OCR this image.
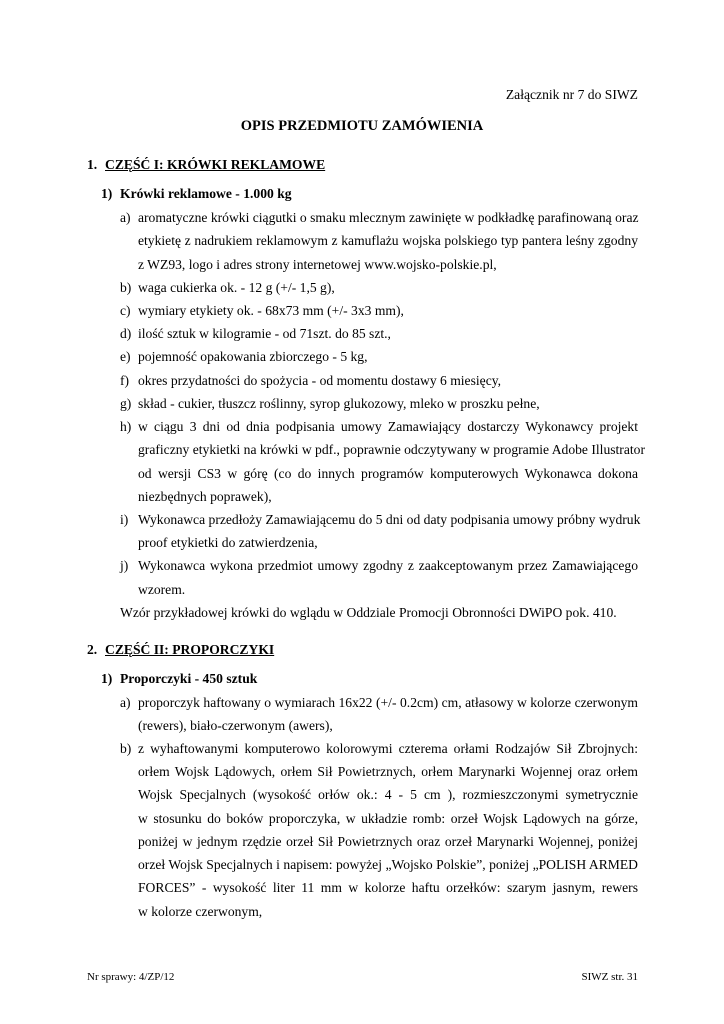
Załącznik nr 7 do SIWZ
OPIS PRZEDMIOTU ZAMÓWIENIA
1. CZĘŚĆ I: KRÓWKI REKLAMOWE
1) Krówki reklamowe - 1.000 kg
a) aromatyczne krówki ciągutki o smaku mlecznym zawinięte w podkładkę parafinowaną oraz
etykietę z nadrukiem reklamowym z kamuflażu wojska polskiego typ pantera leśny zgodny
z WZ93, logo i adres strony internetowej www.wojsko-polskie.pl,
b) waga cukierka ok. - 12 g (+/- 1,5 g),
c) wymiary etykiety ok. - 68x73 mm (+/- 3x3 mm),
d) ilość sztuk w kilogramie - od 71szt. do 85 szt.,
e) pojemność opakowania zbiorczego - 5 kg,
f) okres przydatności do spożycia - od momentu dostawy 6 miesięcy,
g) skład - cukier, tłuszcz roślinny, syrop glukozowy, mleko w proszku pełne,
h) w ciągu 3 dni od dnia podpisania umowy Zamawiający dostarczy Wykonawcy projekt
graficzny etykietki na krówki w pdf., poprawnie odczytywany w programie Adobe Illustrator
od wersji CS3 w górę (co do innych programów komputerowych Wykonawca dokona
niezbędnych poprawek),
i) Wykonawca przedłoży Zamawiającemu do 5 dni od daty podpisania umowy próbny wydruk
proof etykietki do zatwierdzenia,
j) Wykonawca wykona przedmiot umowy zgodny z zaakceptowanym przez Zamawiającego
wzorem.
Wzór przykładowej krówki do wglądu w Oddziale Promocji Obronności DWiPO pok. 410.
2. CZĘŚĆ II: PROPORCZYKI
1) Proporczyki - 450 sztuk
a) proporczyk haftowany o wymiarach 16x22 (+/- 0.2cm) cm, atłasowy w kolorze czerwonym
(rewers), biało-czerwonym (awers),
b) z wyhaftowanymi komputerowo kolorowymi czterema orłami Rodzajów Sił Zbrojnych:
orłem Wojsk Lądowych, orłem Sił Powietrznych, orłem Marynarki Wojennej oraz orłem
Wojsk Specjalnych (wysokość orłów ok.: 4 - 5 cm ), rozmieszczonymi symetrycznie
w stosunku do boków proporczyka, w układzie romb: orzeł Wojsk Lądowych na górze,
poniżej w jednym rzędzie orzeł Sił Powietrznych oraz orzeł Marynarki Wojennej, poniżej
orzeł Wojsk Specjalnych i napisem: powyżej „Wojsko Polskie”, poniżej „POLISH ARMED
FORCES” - wysokość liter 11 mm w kolorze haftu orzełków: szarym jasnym, rewers
w kolorze czerwonym,
Nr sprawy: 4/ZP/12	SIWZ str. 31
